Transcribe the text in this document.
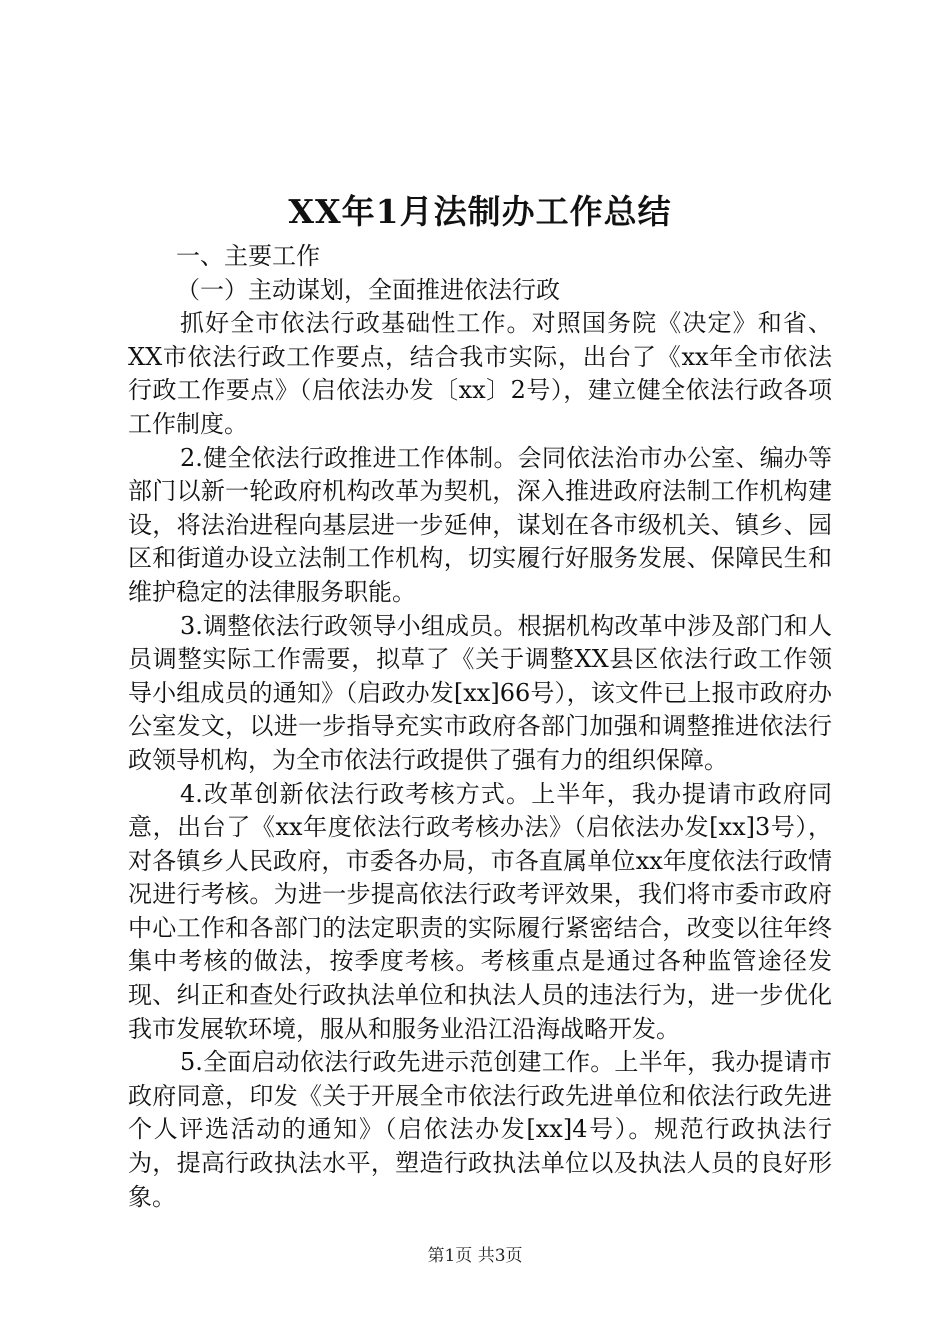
XX年1月法制办工作总结

一、主要工作

（一）主动谋划，全面推进依法行政

抓好全市依法行政基础性工作。对照国务院《决定》和省、XX市依法行政工作要点，结合我市实际，出台了《xx年全市依法行政工作要点》（启依法办发〔xx〕2号），建立健全依法行政各项工作制度。

2.健全依法行政推进工作体制。会同依法治市办公室、编办等部门以新一轮政府机构改革为契机，深入推进政府法制工作机构建设，将法治进程向基层进一步延伸，谋划在各市级机关、镇乡、园区和街道办设立法制工作机构，切实履行好服务发展、保障民生和维护稳定的法律服务职能。

3.调整依法行政领导小组成员。根据机构改革中涉及部门和人员调整实际工作需要，拟草了《关于调整XX县区依法行政工作领导小组成员的通知》（启政办发[xx]66号），该文件已上报市政府办公室发文，以进一步指导充实市政府各部门加强和调整推进依法行政领导机构，为全市依法行政提供了强有力的组织保障。

4.改革创新依法行政考核方式。上半年，我办提请市政府同意，出台了《xx年度依法行政考核办法》（启依法办发[xx]3号），对各镇乡人民政府，市委各办局，市各直属单位xx年度依法行政情况进行考核。为进一步提高依法行政考评效果，我们将市委市政府中心工作和各部门的法定职责的实际履行紧密结合，改变以往年终集中考核的做法，按季度考核。考核重点是通过各种监管途径发现、纠正和查处行政执法单位和执法人员的违法行为，进一步优化我市发展软环境，服从和服务业沿江沿海战略开发。

5.全面启动依法行政先进示范创建工作。上半年，我办提请市政府同意，印发《关于开展全市依法行政先进单位和依法行政先进个人评选活动的通知》（启依法办发[xx]4号）。规范行政执法行为，提高行政执法水平，塑造行政执法单位以及执法人员的良好形象。

第1页 共3页
